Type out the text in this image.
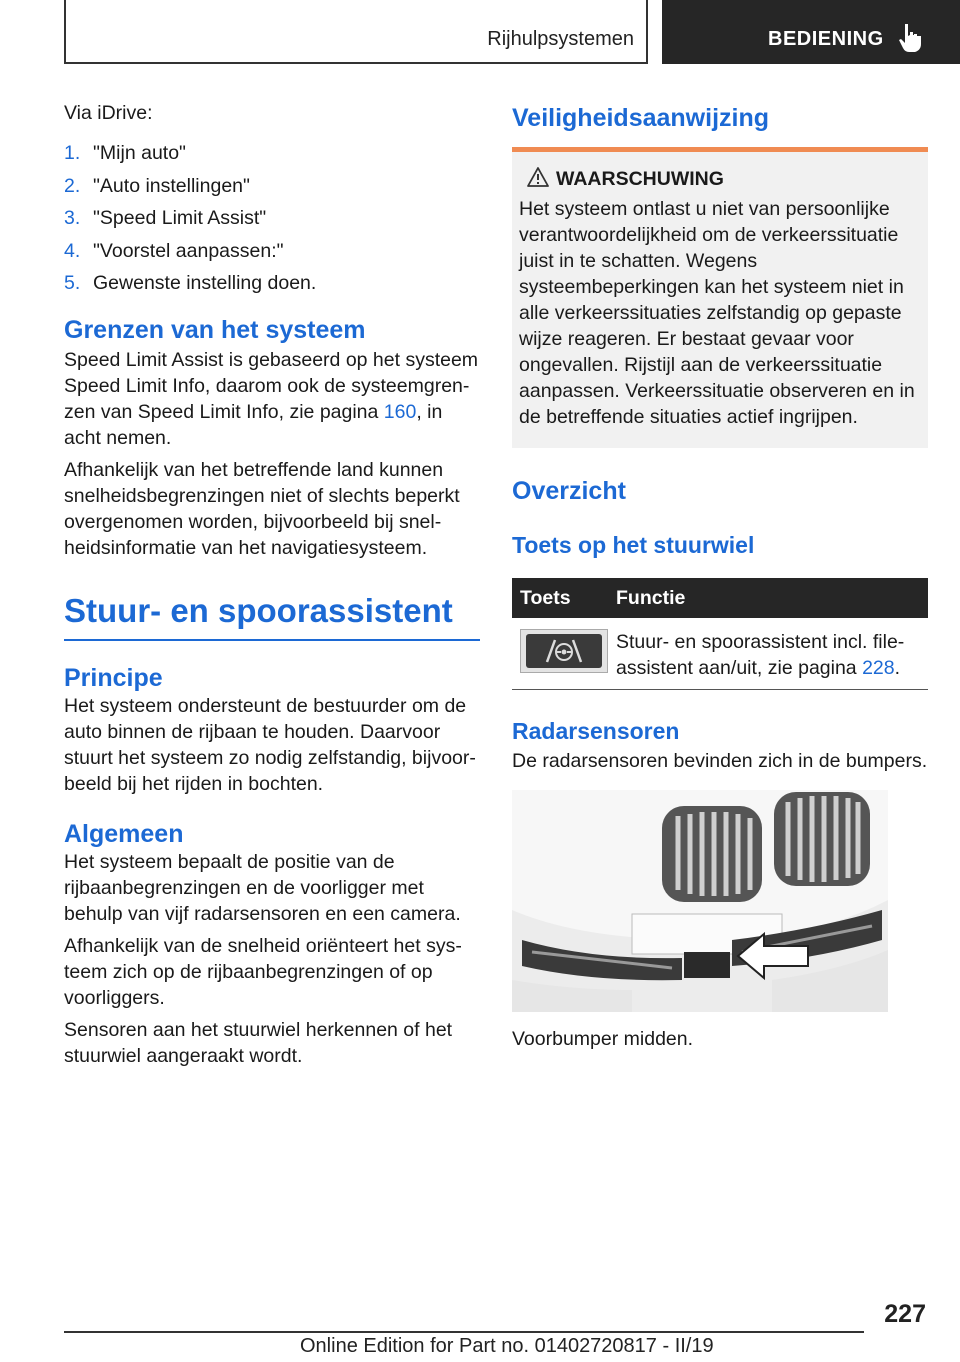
Rijhulpsystemen	BEDIENING

Via iDrive:

1. "Mijn auto"
2. "Auto instellingen"
3. "Speed Limit Assist"
4. "Voorstel aanpassen:"
5. Gewenste instelling doen.
Grenzen van het systeem

Speed Limit Assist is gebaseerd op het systeem Speed Limit Info, daarom ook de systeemgrenzen van Speed Limit Info, zie pagina 160, in acht nemen.

Afhankelijk van het betreffende land kunnen snelheidsbegrenzingen niet of slechts beperkt overgenomen worden, bijvoorbeeld bij snelheidsinformatie van het navigatiesysteem.

Stuur- en spoorassistent
Principe

Het systeem ondersteunt de bestuurder om de auto binnen de rijbaan te houden. Daarvoor stuurt het systeem zo nodig zelfstandig, bijvoorbeeld bij het rijden in bochten.

Algemeen

Het systeem bepaalt de positie van de rijbaanbegrenzingen en de voorligger met behulp van vijf radarsensoren en een camera.

Afhankelijk van de snelheid oriënteert het systeem zich op de rijbaanbegrenzingen of op voorliggers.

Sensoren aan het stuurwiel herkennen of het stuurwiel aangeraakt wordt.

Veiligheidsaanwijzing
WAARSCHUWING

Het systeem ontlast u niet van persoonlijke verantwoordelijkheid om de verkeerssituatie juist in te schatten. Wegens systeembeperkingen kan het systeem niet in alle verkeerssituaties zelfstandig op gepaste wijze reageren. Er bestaat gevaar voor ongevallen. Rijstijl aan de verkeerssituatie aanpassen. Verkeerssituatie observeren en in de betreffende situaties actief ingrijpen.

Overzicht
Toets op het stuurwiel
Toets	Functie

	Stuur- en spoorassistent incl. file-assistent aan/uit, zie pagina 228.
Radarsensoren

De radarsensoren bevinden zich in de bumpers.

Voorbumper midden.

227
Online Edition for Part no. 01402720817 - II/19
